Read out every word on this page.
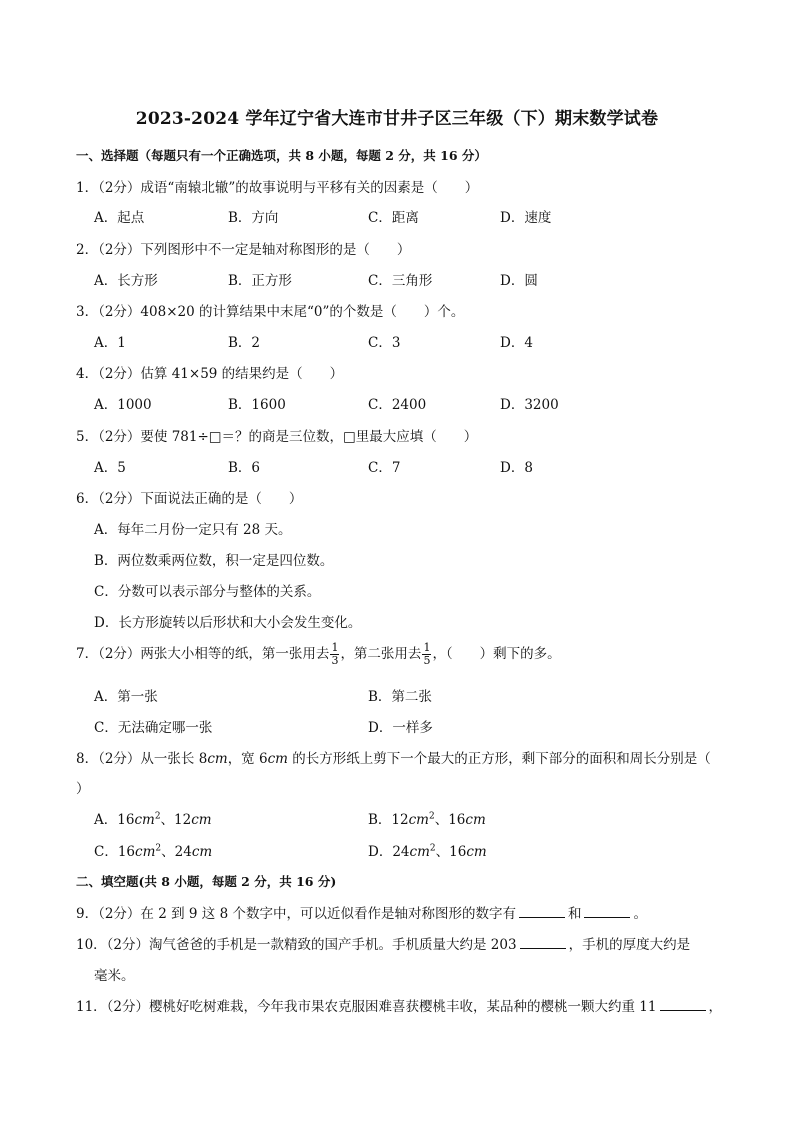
2023-2024 学年辽宁省大连市甘井子区三年级（下）期末数学试卷
一、选择题（每题只有一个正确选项，共 8 小题，每题 2 分，共 16 分）
1．（2分）成语“南辕北辙”的故事说明与平移有关的因素是（　　）
A．起点	B．方向	C．距离	D．速度
2．（2分）下列图形中不一定是轴对称图形的是（　　）
A．长方形	B．正方形	C．三角形	D．圆
3．（2分）408×20 的计算结果中末尾“0”的个数是（　　）个。
A．1	B．2	C．3	D．4
4．（2分）估算 41×59 的结果约是（　　）
A．1000	B．1600	C．2400	D．3200
5．（2分）要使 781÷□＝？的商是三位数，□里最大应填（　　）
A．5	B．6	C．7	D．8
6．（2分）下面说法正确的是（　　）
A．每年二月份一定只有 28 天。
B．两位数乘两位数，积一定是四位数。
C．分数可以表示部分与整体的关系。
D．长方形旋转以后形状和大小会发生变化。
7．（2分）两张大小相等的纸，第一张用去 $\frac{1}{3}$ ，第二张用去 $\frac{1}{5}$ ，（　　）剩下的多。
A．第一张	B．第二张
C．无法确定哪一张	D．一样多
8．（2分）从一张长 8cm，宽 6cm 的长方形纸上剪下一个最大的正方形，剩下部分的面积和周长分别是（
）
A．$16cm^2$、12cm	B．$12cm^2$、16cm
C．$16cm^2$、24cm	D．$24cm^2$、16cm
二、填空题(共 8 小题，每题 2 分，共 16 分)
9．（2分）在 2 到 9 这 8 个数字中，可以近似看作是轴对称图形的数字有	和	。
10．（2分）淘气爸爸的手机是一款精致的国产手机。手机质量大约是 203	，手机的厚度大约是
毫米。
11．（2分）樱桃好吃树难栽，今年我市果农克服困难喜获樱桃丰收，某品种的樱桃一颗大约重 11	，
